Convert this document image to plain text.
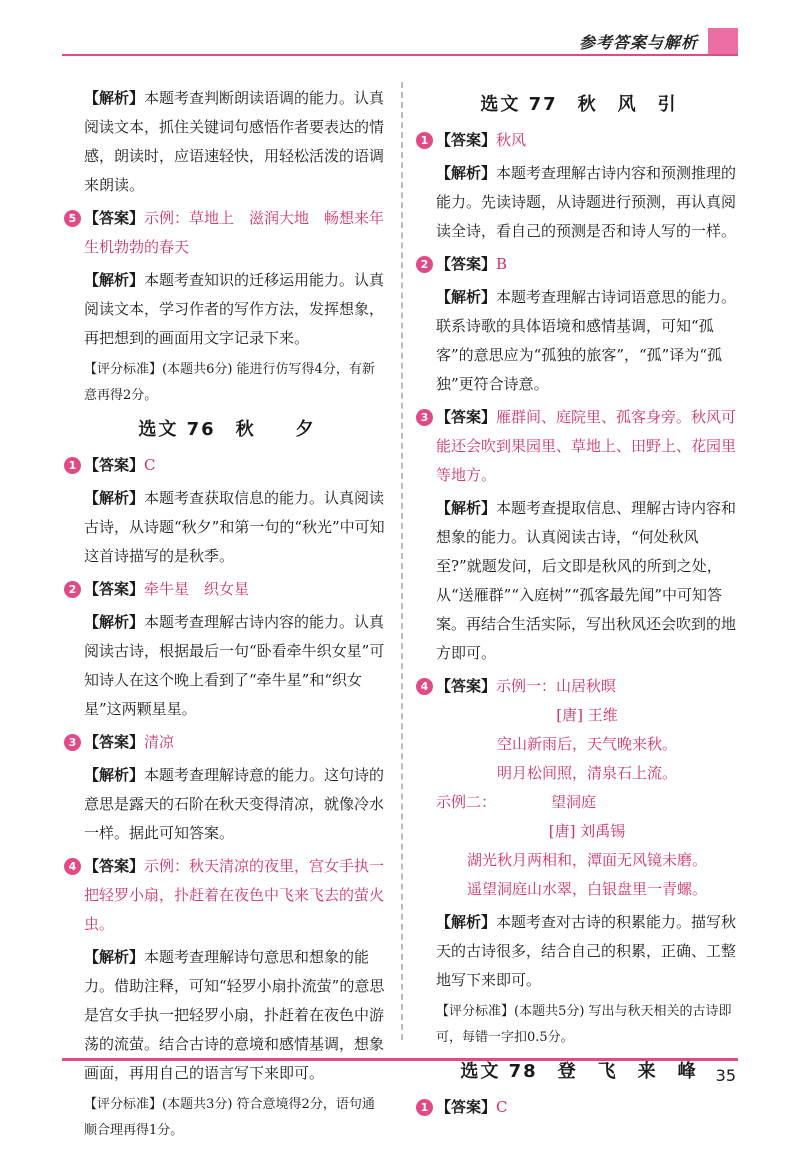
参考答案与解析

【解析】本题考查判断朗读语调的能力。认真阅读文本，抓住关键词句感悟作者要表达的情感，朗读时，应语速轻快，用轻松活泼的语调来朗读。

5 【答案】示例：草地上　滋润大地　畅想来年生机勃勃的春天

【解析】本题考查知识的迁移运用能力。认真阅读文本，学习作者的写作方法，发挥想象，再把想到的画面用文字记录下来。

【评分标准】(本题共6分) 能进行仿写得4分，有新意再得2分。

选文 76　秋　　夕
1 【答案】C

【解析】本题考查获取信息的能力。认真阅读古诗，从诗题“秋夕”和第一句的“秋光”中可知这首诗描写的是秋季。

2 【答案】牵牛星　织女星

【解析】本题考查理解古诗内容的能力。认真阅读古诗，根据最后一句“卧看牵牛织女星”可知诗人在这个晚上看到了“牵牛星”和“织女星”这两颗星星。

3 【答案】清凉

【解析】本题考查理解诗意的能力。这句诗的意思是露天的石阶在秋天变得清凉，就像冷水一样。据此可知答案。

4 【答案】示例：秋天清凉的夜里，宫女手执一把轻罗小扇，扑赶着在夜色中飞来飞去的萤火虫。

【解析】本题考查理解诗句意思和想象的能力。借助注释，可知“轻罗小扇扑流萤”的意思是宫女手执一把轻罗小扇，扑赶着在夜色中游荡的流萤。结合古诗的意境和感情基调，想象画面，再用自己的语言写下来即可。

【评分标准】(本题共3分) 符合意境得2分，语句通顺合理再得1分。

选文 77　秋　风　引
1 【答案】秋风

【解析】本题考查理解古诗内容和预测推理的能力。先读诗题，从诗题进行预测，再认真阅读全诗，看自己的预测是否和诗人写的一样。

2 【答案】B

【解析】本题考查理解古诗词语意思的能力。联系诗歌的具体语境和感情基调，可知“孤客”的意思应为“孤独的旅客”，“孤”译为“孤独”更符合诗意。

3 【答案】雁群间、庭院里、孤客身旁。秋风可能还会吹到果园里、草地上、田野上、花园里等地方。

【解析】本题考查提取信息、理解古诗内容和想象的能力。认真阅读古诗，“何处秋风至?”就题发问，后文即是秋风的所到之处，从“送雁群”“入庭树”“孤客最先闻”中可知答案。再结合生活实际，写出秋风还会吹到的地方即可。

4 【答案】示例一：山居秋暝

[唐] 王维
空山新雨后，天气晚来秋。
明月松间照，清泉石上流。
示例二：	望洞庭
[唐] 刘禹锡
湖光秋月两相和，潭面无风镜未磨。
遥望洞庭山水翠，白银盘里一青螺。

【解析】本题考查对古诗的积累能力。描写秋天的古诗很多，结合自己的积累，正确、工整地写下来即可。

【评分标准】(本题共5分) 写出与秋天相关的古诗即可，每错一字扣0.5分。

选文 78　登　飞　来　峰
1 【答案】C

35
